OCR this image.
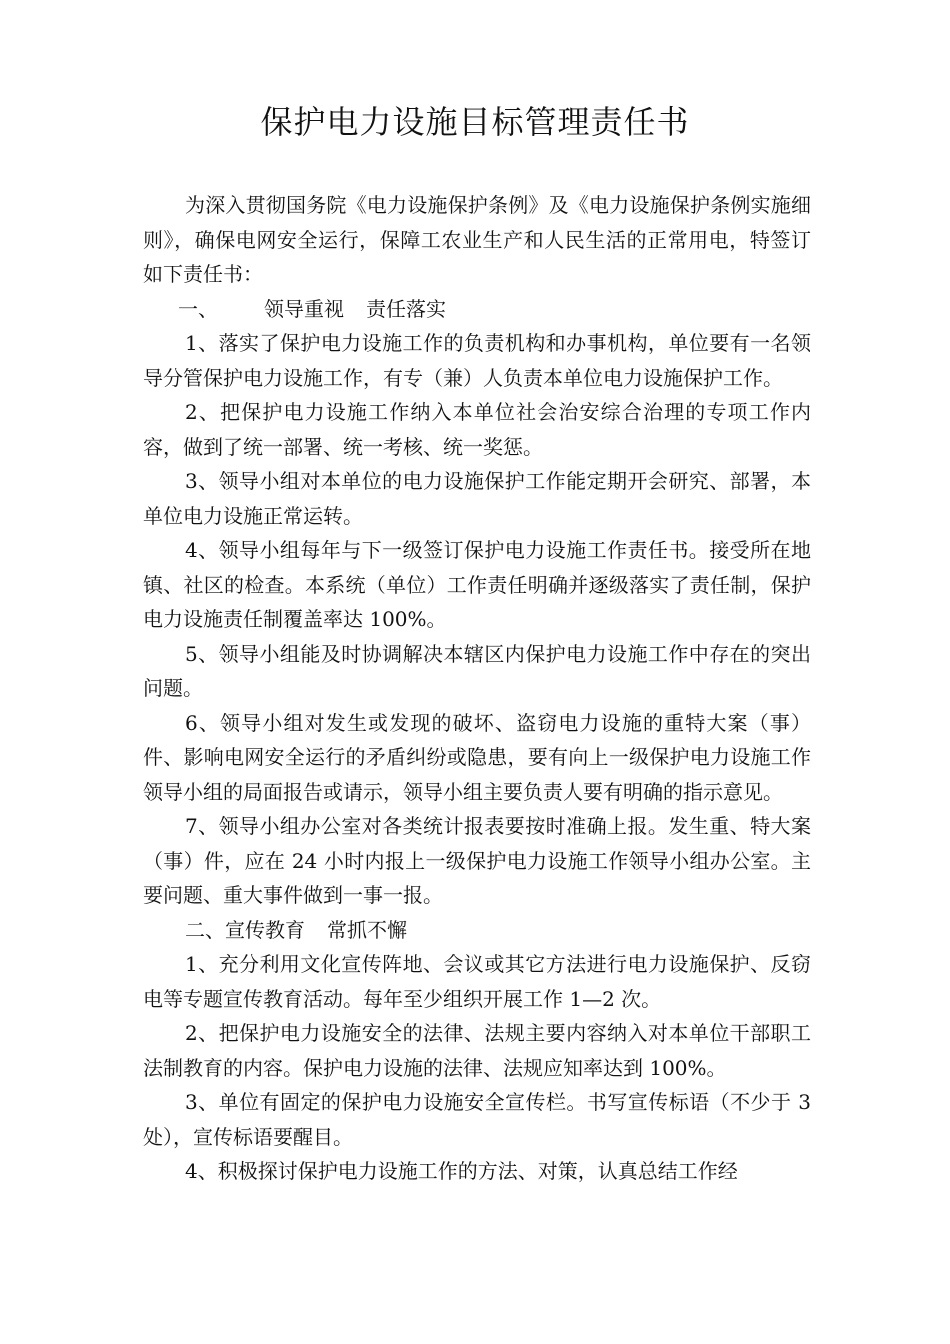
保护电力设施目标管理责任书

为深入贯彻国务院《电力设施保护条例》及《电力设施保护条例实施细则》，确保电网安全运行，保障工农业生产和人民生活的正常用电，特签订如下责任书：

一、 领导重视 责任落实

1、落实了保护电力设施工作的负责机构和办事机构，单位要有一名领导分管保护电力设施工作，有专（兼）人负责本单位电力设施保护工作。

2、把保护电力设施工作纳入本单位社会治安综合治理的专项工作内容，做到了统一部署、统一考核、统一奖惩。

3、领导小组对本单位的电力设施保护工作能定期开会研究、部署，本单位电力设施正常运转。

4、领导小组每年与下一级签订保护电力设施工作责任书。接受所在地镇、社区的检查。本系统（单位）工作责任明确并逐级落实了责任制，保护电力设施责任制覆盖率达 100%。

5、领导小组能及时协调解决本辖区内保护电力设施工作中存在的突出问题。

6、领导小组对发生或发现的破坏、盗窃电力设施的重特大案（事）件、影响电网安全运行的矛盾纠纷或隐患，要有向上一级保护电力设施工作领导小组的局面报告或请示，领导小组主要负责人要有明确的指示意见。

7、领导小组办公室对各类统计报表要按时准确上报。发生重、特大案（事）件，应在 24 小时内报上一级保护电力设施工作领导小组办公室。主要问题、重大事件做到一事一报。

二、宣传教育 常抓不懈

1、充分利用文化宣传阵地、会议或其它方法进行电力设施保护、反窃电等专题宣传教育活动。每年至少组织开展工作 1—2 次。

2、把保护电力设施安全的法律、法规主要内容纳入对本单位干部职工法制教育的内容。保护电力设施的法律、法规应知率达到 100%。

3、单位有固定的保护电力设施安全宣传栏。书写宣传标语（不少于 3 处），宣传标语要醒目。

4、积极探讨保护电力设施工作的方法、对策，认真总结工作经
